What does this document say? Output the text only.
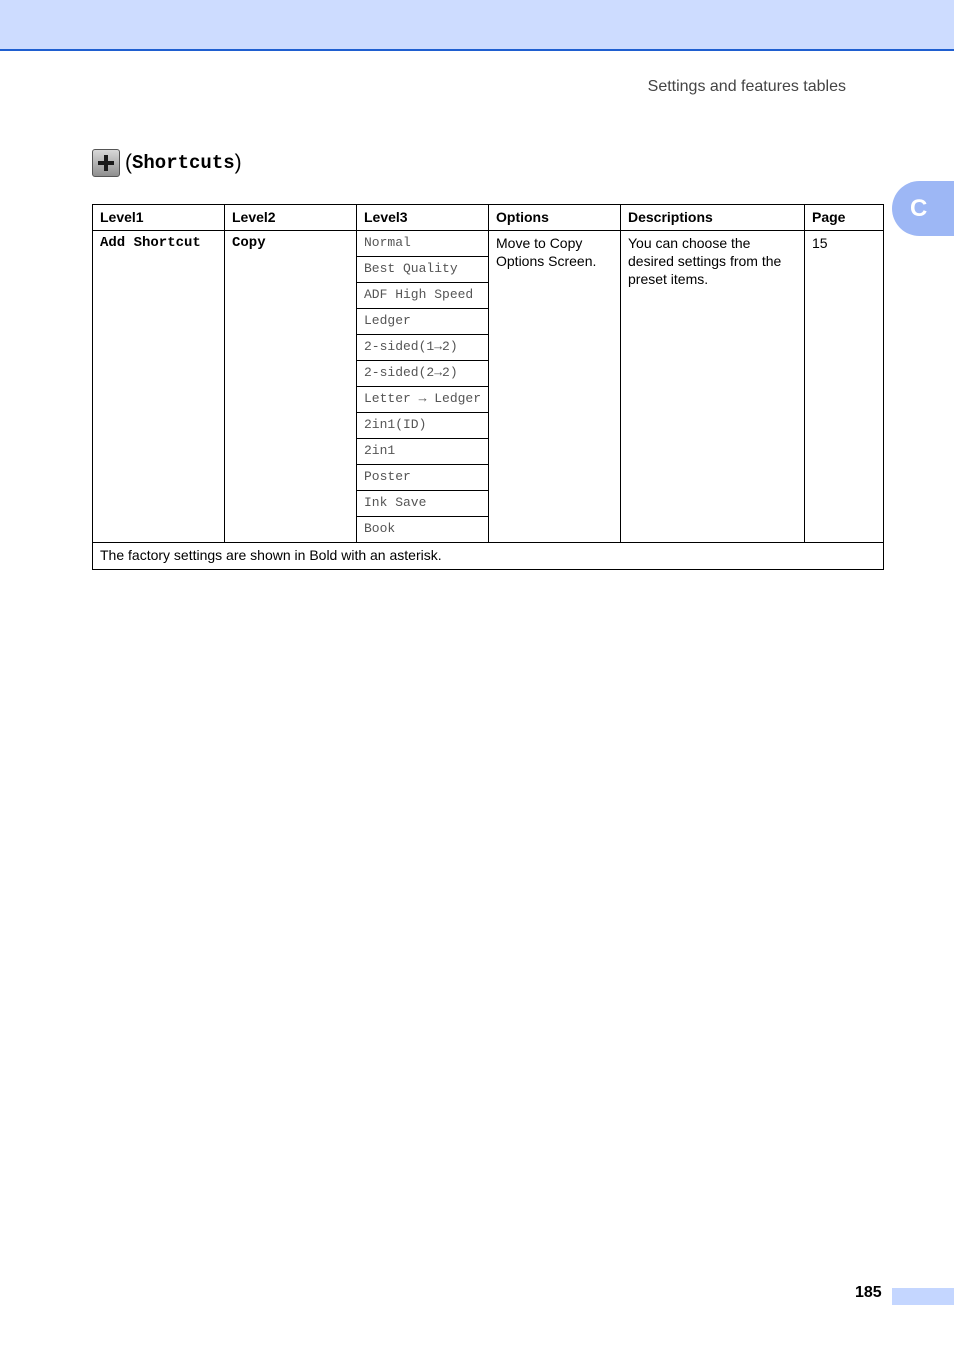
Settings and features tables
( Shortcuts )
C
Level1	Level2	Level3	Options	Descriptions	Page
Add Shortcut	Copy	Normal	Move to Copy Options Screen.	You can choose the desired settings from the preset items.	15
		Best Quality			
		ADF High Speed			
		Ledger			
		2-sided(1→2)			
		2-sided(2→2)			
		Letter → Ledger			
		2in1(ID)			
		2in1			
		Poster			
		Ink Save			
		Book			
The factory settings are shown in Bold with an asterisk.					
185
